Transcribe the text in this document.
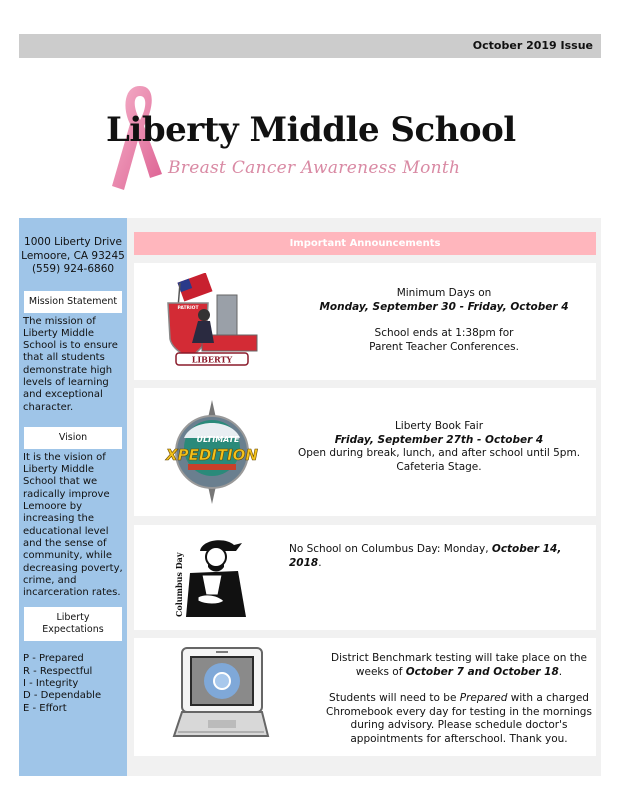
October 2019 Issue
Liberty Middle School
Breast Cancer Awareness Month
1000 Liberty Drive
Lemoore, CA 93245
(559) 924-6860
Mission Statement
The mission of Liberty Middle School is to ensure that all students demonstrate high levels of learning and exceptional character.
Vision
It is the vision of Liberty Middle School that we radically improve Lemoore by increasing the educational level and the sense of community, while decreasing poverty, crime, and incarceration rates.
Liberty
Expectations
P - Prepared
R - Respectful
I - Integrity
D - Dependable
E - Effort
Important Announcements
LIBERTY
PATRIOT
Minimum Days on
Monday, September 30 - Friday, October 4
School ends at 1:38pm for
Parent Teacher Conferences.
ULTIMATE
XPEDITION
Liberty Book Fair
Friday, September 27th - October 4
Open during break, lunch, and after school until 5pm.
Cafeteria Stage.
Columbus Day
No School on Columbus Day: Monday, October 14, 2018.
District Benchmark testing will take place on the
weeks of October 7 and October 18.
Students will need to be Prepared with a charged
Chromebook every day for testing in the mornings
during advisory. Please schedule doctor's
appointments for afterschool. Thank you.
